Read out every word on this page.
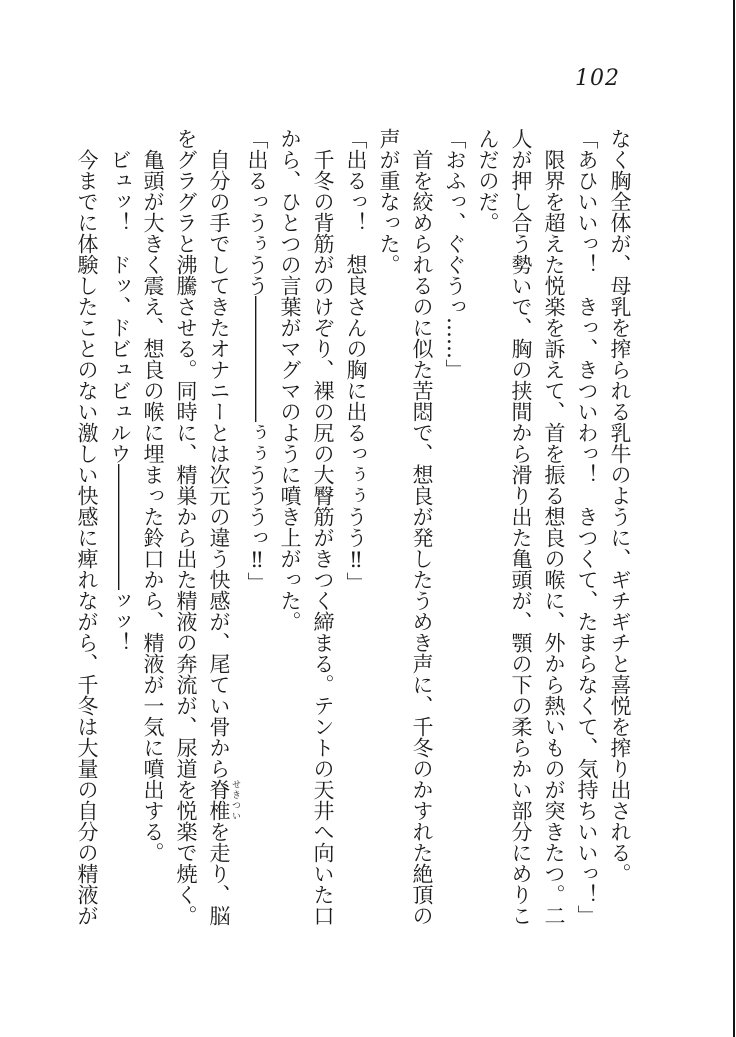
102

なく胸全体が、母乳を搾られる乳牛のように、ギチギチと喜悦を搾り出される。

「あひいいっ！　きっ、きついわっ！　きつくて、たまらなくて、気持ちいいっ！」

　限界を超えた悦楽を訴えて、首を振る想良の喉に、外から熱いものが突きたつ。二人が押し合う勢いで、胸の挟間から滑り出た亀頭が、顎の下の柔らかい部分にめりこんだのだ。

「おふっ、ぐぐうっ……」

　首を絞められるのに似た苦悶で、想良が発したうめき声に、千冬のかすれた絶頂の声が重なった。

「出るっ！　想良さんの胸に出るっぅぅうう‼」

　千冬の背筋がのけぞり、裸の尻の大臀筋がきつく締まる。テントの天井へ向いた口から、ひとつの言葉がマグマのように噴き上がった。

「出るっうぅうう――――――ぅぅうううっ‼」

　自分の手でしてきたオナニーとは次元の違う快感が、尾てい骨から脊椎 せきついを走り、脳をグラグラと沸騰させる。同時に、精巣から出た精液の奔流が、尿道を悦楽で焼く。

　亀頭が大きく震え、想良の喉に埋まった鈴口から、精液が一気に噴出する。

　ビュッ！　ドッ、ドビュビュルウ――――――ッッ！

　今までに体験したことのない激しい快感に痺れながら、千冬は大量の自分の精液が
